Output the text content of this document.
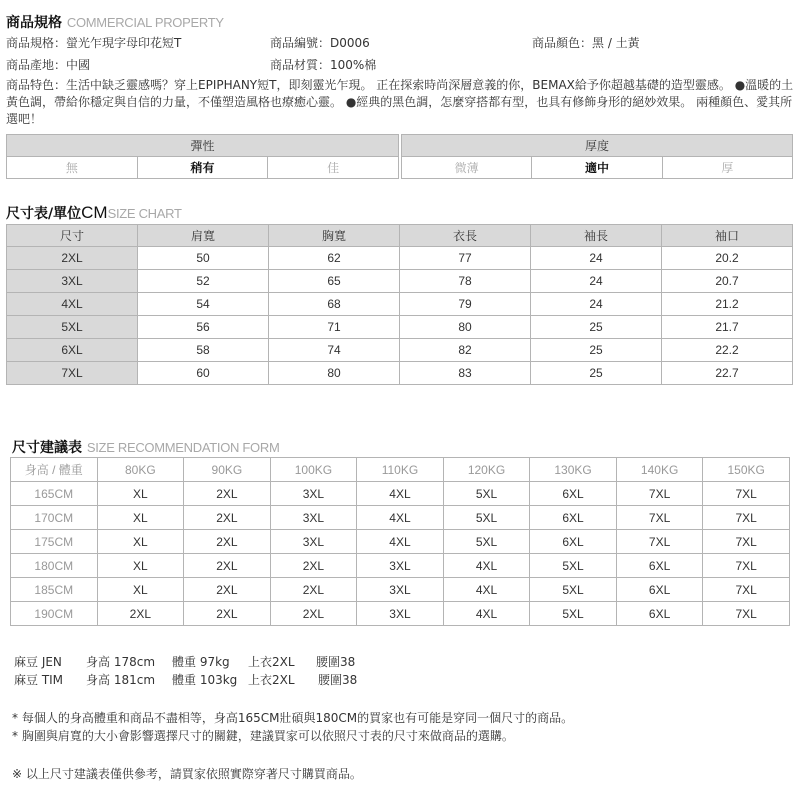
商品規格 COMMERCIAL PROPERTY
商品規格：螢光乍現字母印花短T	商品編號：D0006	商品顏色：黑 / 土黃
商品產地：中國	商品材質：100%棉
商品特色：生活中缺乏靈感嗎？穿上EPIPHANY短T，即刻靈光乍現。 正在探索時尚深層意義的你，BEMAX給予你超越基礎的造型靈感。 ●溫暖的土黃色調，帶給你穩定與自信的力量，不僅塑造風格也療癒心靈。 ●經典的黑色調，怎麼穿搭都有型，也具有修飾身形的絕妙效果。 兩種顏色、愛其所選吧！
彈性
無	稍有	佳
厚度
微薄	適中	厚
尺寸表/單位CMSIZE CHART
尺寸	肩寬	胸寬	衣長	袖長	袖口
2XL	50	62	77	24	20.2
3XL	52	65	78	24	20.7
4XL	54	68	79	24	21.2
5XL	56	71	80	25	21.7
6XL	58	74	82	25	22.2
7XL	60	80	83	25	22.7
尺寸建議表 SIZE RECOMMENDATION FORM
身高 / 體重	80KG	90KG	100KG	110KG	120KG	130KG	140KG	150KG
165CM	XL	2XL	3XL	4XL	5XL	6XL	7XL	7XL
170CM	XL	2XL	3XL	4XL	5XL	6XL	7XL	7XL
175CM	XL	2XL	3XL	4XL	5XL	6XL	7XL	7XL
180CM	XL	2XL	2XL	3XL	4XL	5XL	6XL	7XL
185CM	XL	2XL	2XL	3XL	4XL	5XL	6XL	7XL
190CM	2XL	2XL	2XL	3XL	4XL	5XL	6XL	7XL
麻豆 JEN 身高 178cm 體重 97kg 上衣2XL 腰圍38
麻豆 TIM 身高 181cm 體重 103kg 上衣2XL 腰圍38
* 每個人的身高體重和商品不盡相等，身高165CM壯碩與180CM的買家也有可能是穿同一個尺寸的商品。
* 胸圍與肩寬的大小會影響選擇尺寸的關鍵，建議買家可以依照尺寸表的尺寸來做商品的選購。
※ 以上尺寸建議表僅供參考，請買家依照實際穿著尺寸購買商品。
